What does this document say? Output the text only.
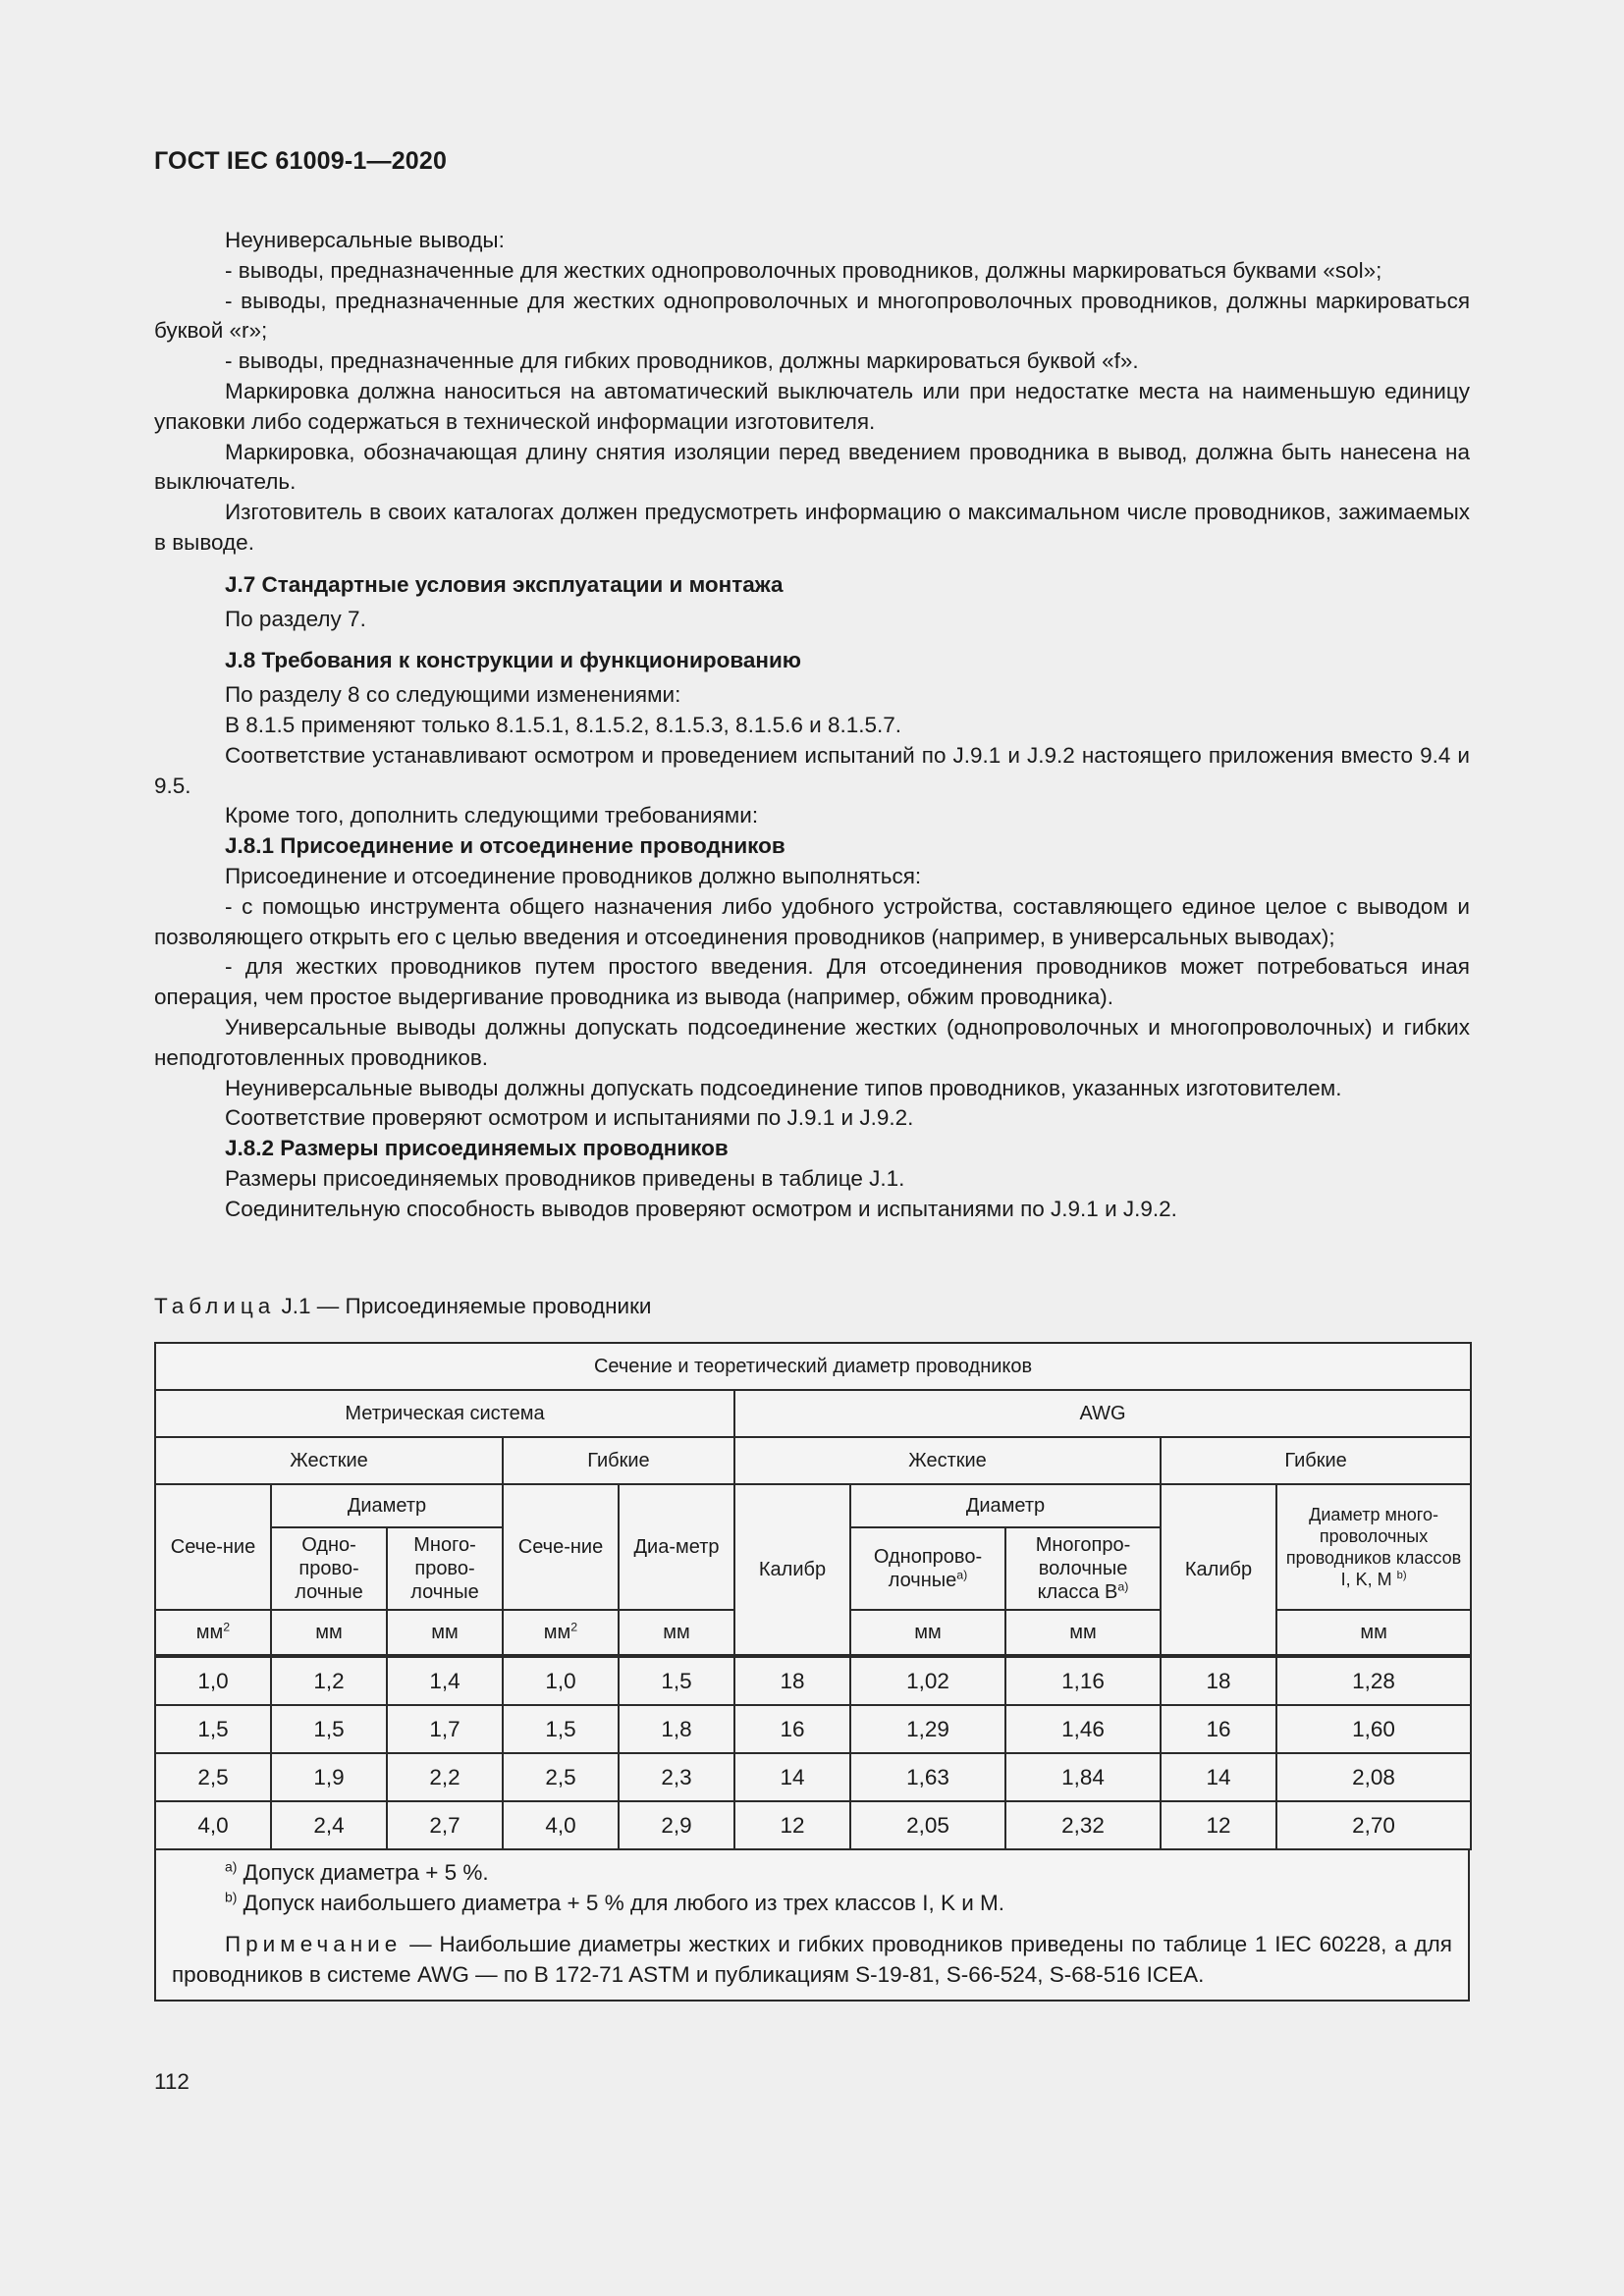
ГОСТ IEC 61009-1—2020

Неуниверсальные выводы:

- выводы, предназначенные для жестких однопроволочных проводников, должны маркироваться буквами «sol»;

- выводы, предназначенные для жестких однопроволочных и многопроволочных проводников, должны маркироваться буквой «r»;

- выводы, предназначенные для гибких проводников, должны маркироваться буквой «f».

Маркировка должна наноситься на автоматический выключатель или при недостатке места на наименьшую единицу упаковки либо содержаться в технической информации изготовителя.

Маркировка, обозначающая длину снятия изоляции перед введением проводника в вывод, должна быть нанесена на выключатель.

Изготовитель в своих каталогах должен предусмотреть информацию о максимальном числе проводников, зажимаемых в выводе.

J.7 Стандартные условия эксплуатации и монтажа

По разделу 7.

J.8 Требования к конструкции и функционированию

По разделу 8 со следующими изменениями:

В 8.1.5 применяют только 8.1.5.1, 8.1.5.2, 8.1.5.3, 8.1.5.6 и 8.1.5.7.

Соответствие устанавливают осмотром и проведением испытаний по J.9.1 и J.9.2 настоящего приложения вместо 9.4 и 9.5.

Кроме того, дополнить следующими требованиями:

J.8.1 Присоединение и отсоединение проводников

Присоединение и отсоединение проводников должно выполняться:

- с помощью инструмента общего назначения либо удобного устройства, составляющего единое целое с выводом и позволяющего открыть его с целью введения и отсоединения проводников (например, в универсальных выводах);

- для жестких проводников путем простого введения. Для отсоединения проводников может потребоваться иная операция, чем простое выдергивание проводника из вывода (например, обжим проводника).

Универсальные выводы должны допускать подсоединение жестких (однопроволочных и многопроволочных) и гибких неподготовленных проводников.

Неуниверсальные выводы должны допускать подсоединение типов проводников, указанных изготовителем.

Соответствие проверяют осмотром и испытаниями по J.9.1 и J.9.2.

J.8.2 Размеры присоединяемых проводников

Размеры присоединяемых проводников приведены в таблице J.1.

Соединительную способность выводов проверяют осмотром и испытаниями по J.9.1 и J.9.2.

Таблица J.1 — Присоединяемые проводники
Сечение и теоретический диаметр проводников									
Метрическая система					AWG				
Жесткие			Гибкие		Жесткие			Гибкие	
Сече-ние	Диаметр		Сече-ние	Диа-метр	Калибр	Диаметр		Калибр	Диаметр много-проволочных проводников классов I, K, M $^{b)}$
	Одно-прово-лочные	Много-прово-лочные				Однопрово-лочные$^{a)}$	Многопро-волочные класса $B^{a)}$
$мм^2$	мм	мм	$мм^2$	мм		мм	мм		мм
1,0	1,2	1,4	1,0	1,5	18	1,02	1,16	18	1,28
1,5	1,5	1,7	1,5	1,8	16	1,29	1,46	16	1,60
2,5	1,9	2,2	2,5	2,3	14	1,63	1,84	14	2,08
4,0	2,4	2,7	4,0	2,9	12	2,05	2,32	12	2,70

$^{a)}$ Допуск диаметра + 5 %.

$^{b)}$ Допуск наибольшего диаметра + 5 % для любого из трех классов I, K и M.

Примечание — Наибольшие диаметры жестких и гибких проводников приведены по таблице 1 IEC 60228, а для проводников в системе AWG — по B 172-71 ASTM и публикациям S-19-81, S-66-524, S-68-516 ICEA.

112
